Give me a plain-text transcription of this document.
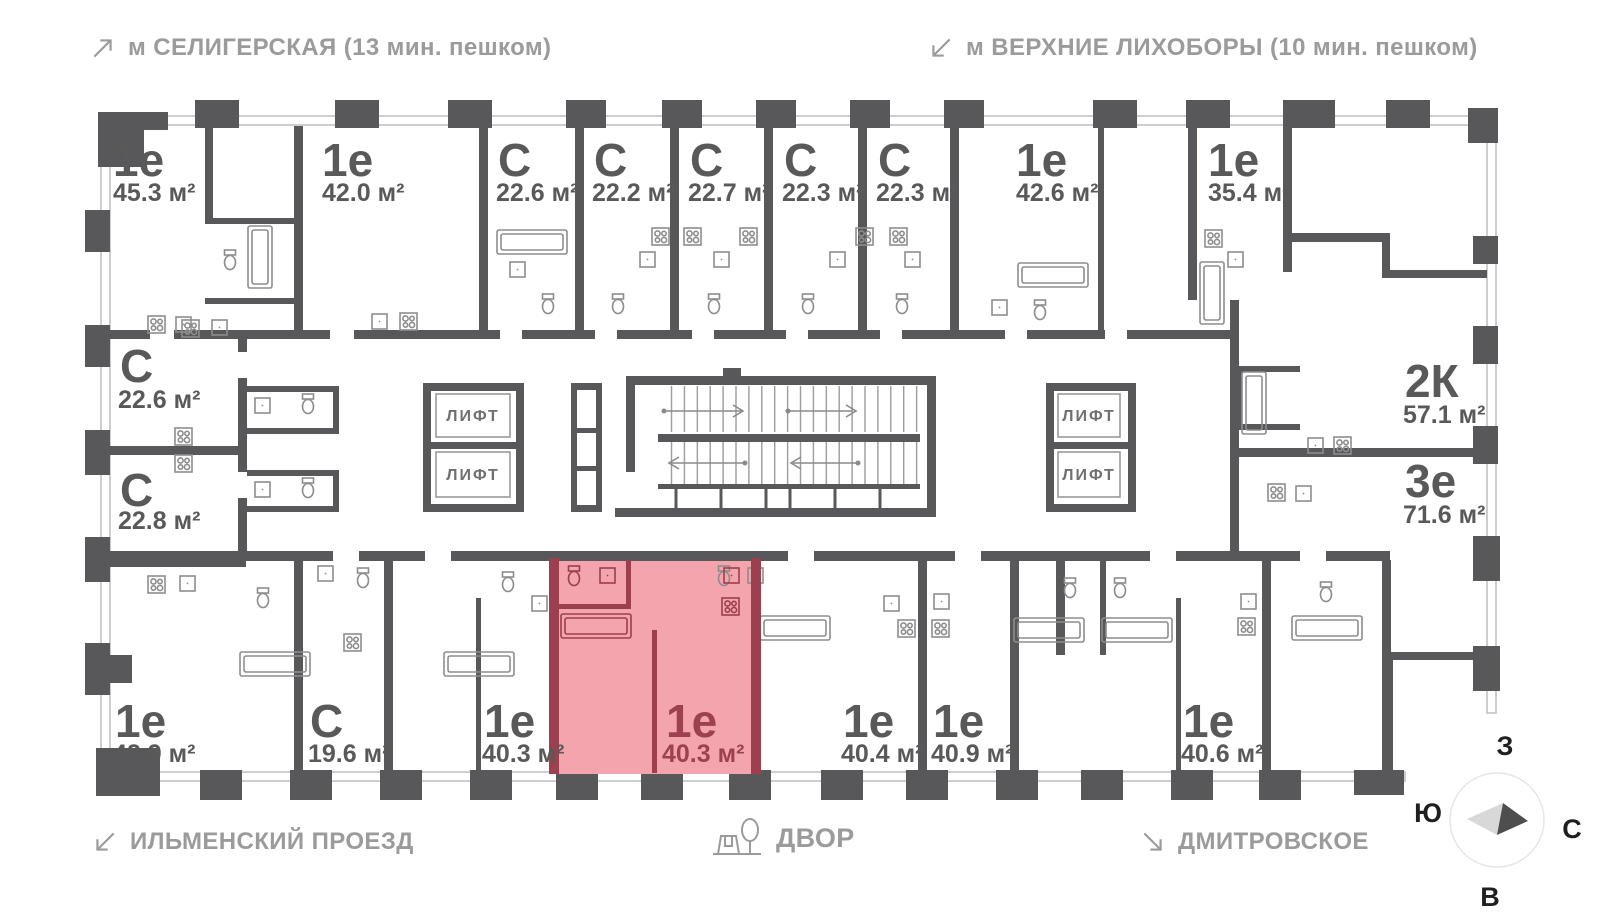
м СЕЛИГЕРСКАЯ (13 мин. пешком)	м ВЕРХНИЕ ЛИХОБОРЫ (10 мин. пешком)
ИЛЬМЕНСКИЙ ПРОЕЗД	ДВОР	ДМИТРОВСКОЕ
ЛИФТ
ЛИФТ
ЛИФТ
ЛИФТ
1е
45.3 м²
1е
42.0 м²
С
22.6 м²
С
22.2 м²
С
22.7 м²
С
22.3 м²
С
22.3 м²
1е
42.6 м²
1е
35.4 м²
С
22.6 м²
С
22.8 м²
2К
57.1 м²
3е
71.6 м²
1е
42.9 м²
С
19.6 м²
1е
40.3 м²
1е
40.3 м²
1е
40.4 м²
1е
40.9 м²
1е
40.6 м²	З
Ю
С
В
